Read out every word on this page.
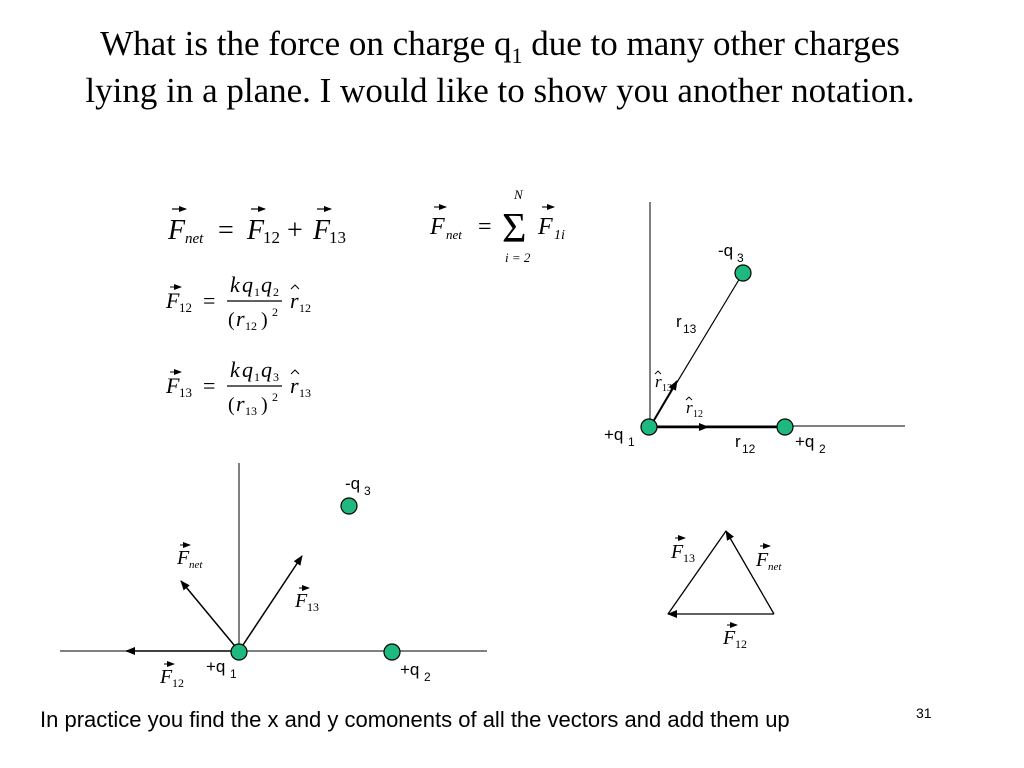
What is the force on charge $q_1$ due to many other charges lying in a plane. I would like to show you another notation.
F net = F
12 + F
13	F net =
N
Σ
i = 2
F 1i
F 12 =
k q 1 q 2
( r 12 ) 2 r 12
F 13 =
k q 1 q 3
( r 13 ) 2 r 13
-q 3
r 13
r 13
r 12
+q 1	r 12 +q 2
-q 3
+q 1	+q 2
F net
F 13
F 12
F 13	F net
F 12
31
In practice you find the x and y comonents of all the vectors and add them up
